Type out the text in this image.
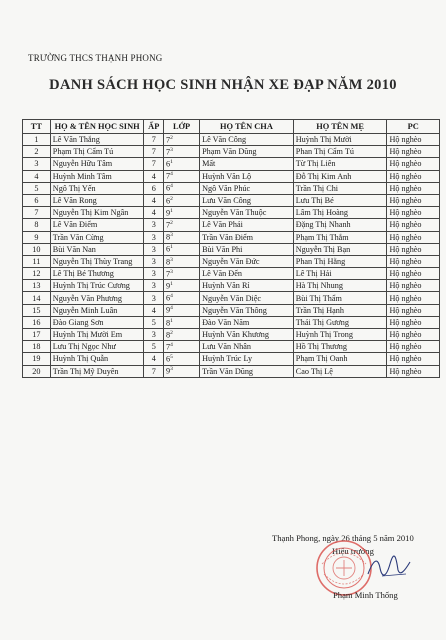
TRƯỜNG THCS THẠNH PHONG
DANH SÁCH HỌC SINH NHẬN XE ĐẠP NĂM 2010
TT	HỌ & TÊN HỌC SINH	ẤP	LỚP	HỌ TÊN CHA	HỌ TÊN MẸ	PC
1	Lê Văn Thắng	7	$7^2$	Lê Văn Công	Huỳnh Thị Mười	Hộ nghèo
2	Phạm Thị Cẩm Tú	7	$7^3$	Phạm Văn Dũng	Phan Thị Cẩm Tú	Hộ nghèo
3	Nguyễn Hữu Tâm	7	$6^1$	Mất	Từ Thị Liên	Hộ nghèo
4	Huỳnh Minh Tâm	4	$7^4$	Huỳnh Văn Lộ	Đỗ Thị Kim Anh	Hộ nghèo
5	Ngô Thị Yến	6	$6^4$	Ngô Văn Phúc	Trần Thị Chi	Hộ nghèo
6	Lê Văn Rong	4	$6^2$	Lưu Văn Công	Lưu Thị Bé	Hộ nghèo
7	Nguyễn Thị Kim Ngân	4	$9^1$	Nguyễn Văn Thuộc	Lâm Thị Hoàng	Hộ nghèo
8	Lê Văn Điểm	3	$7^2$	Lê Văn Phải	Đặng Thị Nhanh	Hộ nghèo
9	Trần Văn Cừng	3	$8^3$	Trần Văn Điểm	Phạm Thị Thắm	Hộ nghèo
10	Bùi Văn Nan	3	$6^1$	Bùi Văn Phi	Nguyễn Thị Bạn	Hộ nghèo
11	Nguyễn Thị Thùy Trang	3	$8^3$	Nguyễn Văn Đức	Phan Thị Hằng	Hộ nghèo
12	Lê Thị Bé Thương	3	$7^3$	Lê Văn Đến	Lê Thị Hải	Hộ nghèo
13	Huỳnh Thị Trúc Cương	3	$9^1$	Huỳnh Văn Rỉ	Hà Thị Nhung	Hộ nghèo
14	Nguyễn Văn Phương	3	$6^4$	Nguyễn Văn Diệc	Bùi Thị Thẩm	Hộ nghèo
15	Nguyễn Minh Luân	4	$9^4$	Nguyễn Văn Thông	Trần Thị Hạnh	Hộ nghèo
16	Đào Giang Sơn	5	$8^1$	Đào Văn Năm	Thái Thị Gương	Hộ nghèo
17	Huỳnh Thị Mười Em	3	$8^2$	Huỳnh Văn Khương	Huỳnh Thị Trong	Hộ nghèo
18	Lưu Thị Ngọc Như	5	$7^4$	Lưu Văn Nhân	Hồ Thị Thương	Hộ nghèo
19	Huỳnh Thị Quẫn	4	$6^5$	Huỳnh Trúc Ly	Phạm Thị Oanh	Hộ nghèo
20	Trần Thị Mỹ Duyên	7	$9^3$	Trần Văn Dũng	Cao Thị Lệ	Hộ nghèo
Thạnh Phong, ngày 26 tháng 5 năm 2010
Hiệu trưởng
Phạm Minh Thống
